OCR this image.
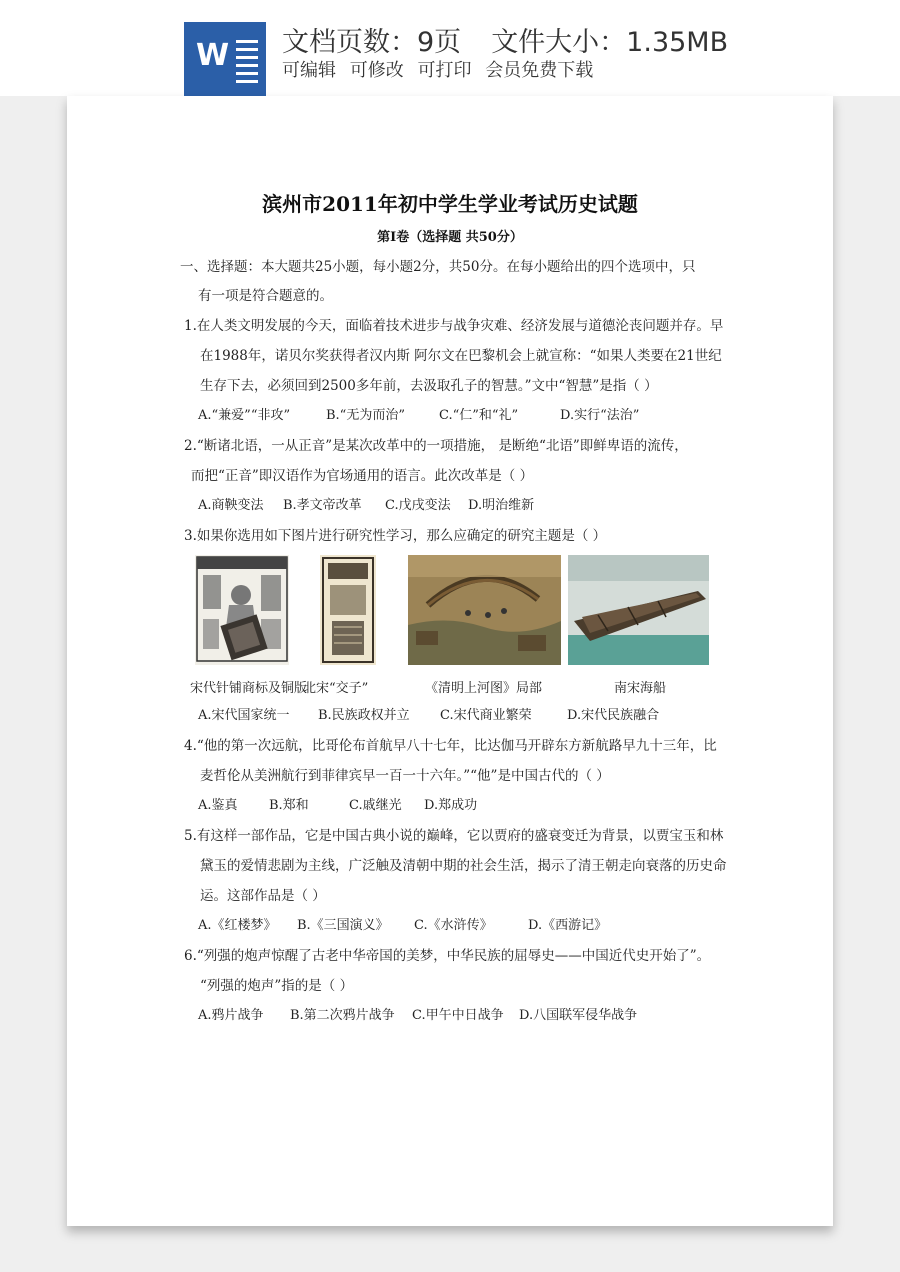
W 文档页数：9页 文件大小：1.35MB
可编辑 可修改 可打印 会员免费下载
滨州市2011年初中学生学业考试历史试题
第Ⅰ卷（选择题 共50分）
一、选择题：本大题共25小题，每小题2分，共50分。在每小题给出的四个选项中，只
有一项是符合题意的。
1.在人类文明发展的今天，面临着技术进步与战争灾难、经济发展与道德沦丧问题并存。早
在1988年，诺贝尔奖获得者汉内斯 阿尔文在巴黎机会上就宣称：“如果人类要在21世纪
生存下去，必须回到2500多年前，去汲取孔子的智慧。”文中“智慧”是指（ ）
A.“兼爱”“非攻”	B.“无为而治”	C.“仁”和“礼”	D.实行“法治”
2.“断诸北语，一从正音”是某次改革中的一项措施， 是断绝“北语”即鲜卑语的流传，
而把“正音”即汉语作为官场通用的语言。此次改革是（ ）
A.商鞅变法 B.孝文帝改革 C.戊戌变法 D.明治维新
3.如果你选用如下图片进行研究性学习，那么应确定的研究主题是（ ）
宋代针铺商标及铜版
北宋“交子”	《清明上河图》局部	南宋海船
A.宋代国家统一 B.民族政权并立 C.宋代商业繁荣	D.宋代民族融合
4.“他的第一次远航，比哥伦布首航早八十七年，比达伽马开辟东方新航路早九十三年，比
麦哲伦从美洲航行到菲律宾早一百一十六年。”“他”是中国古代的（ ）
A.鉴真 B.郑和	C.戚继光 D.郑成功
5.有这样一部作品，它是中国古典小说的巅峰，它以贾府的盛衰变迁为背景，以贾宝玉和林
黛玉的爱情悲剧为主线，广泛触及清朝中期的社会生活，揭示了清王朝走向衰落的历史命
运。这部作品是（ ）
A.《红楼梦》 B.《三国演义》 C.《水浒传》	D.《西游记》
6.“列强的炮声惊醒了古老中华帝国的美梦，中华民族的屈辱史——中国近代史开始了”。
“列强的炮声”指的是（ ）
A.鸦片战争 B.第二次鸦片战争 C.甲午中日战争 D.八国联军侵华战争
